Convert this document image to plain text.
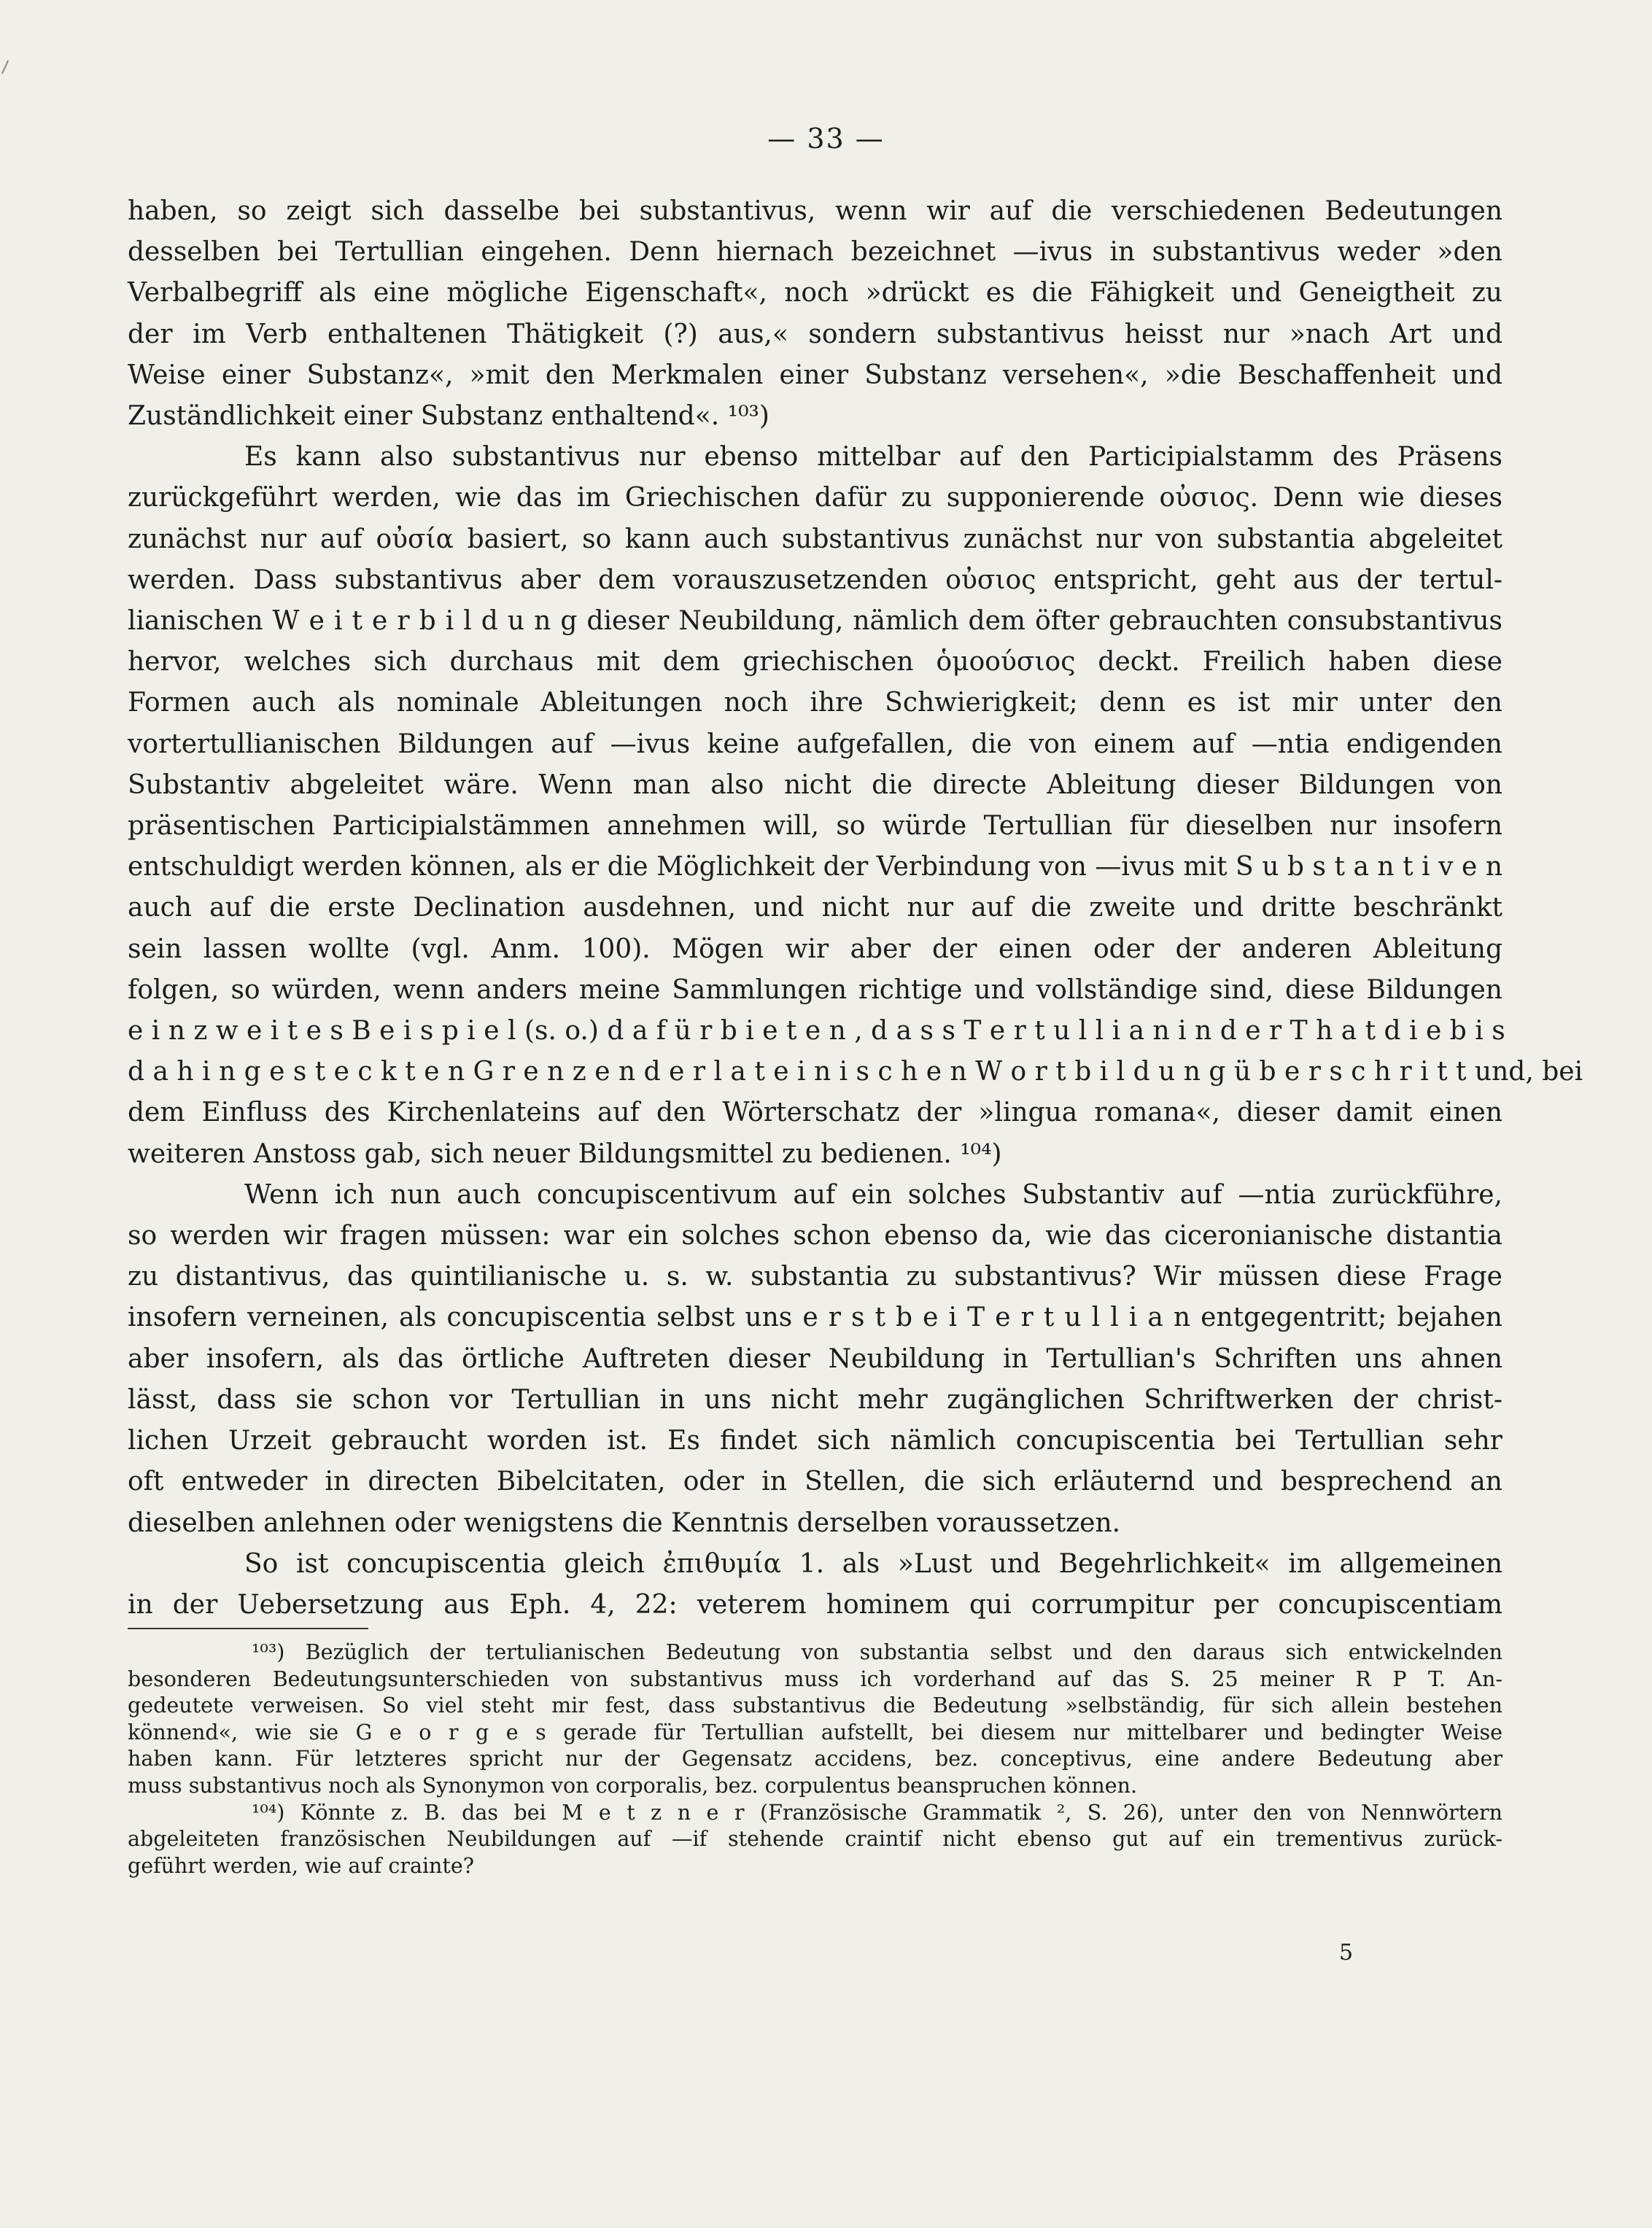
— 33 —
haben, so zeigt sich dasselbe bei substantivus, wenn wir auf die verschiedenen Bedeutungen
desselben bei Tertullian eingehen. Denn hiernach bezeichnet —ivus in substantivus weder »den
Verbalbegriff als eine mögliche Eigenschaft«, noch »drückt es die Fähigkeit und Geneigtheit zu
der im Verb enthaltenen Thätigkeit (?) aus,« sondern substantivus heisst nur »nach Art und
Weise einer Substanz«, »mit den Merkmalen einer Substanz versehen«, »die Beschaffenheit und
Zuständlichkeit einer Substanz enthaltend«. ¹⁰³)
Es kann also substantivus nur ebenso mittelbar auf den Participialstamm des Präsens
zurückgeführt werden, wie das im Griechischen dafür zu supponierende οὐσιος. Denn wie dieses
zunächst nur auf οὐσία basiert, so kann auch substantivus zunächst nur von substantia abgeleitet
werden. Dass substantivus aber dem vorauszusetzenden οὐσιος entspricht, geht aus der tertul-
lianischen W e i t e r b i l d u n g dieser Neubildung, nämlich dem öfter gebrauchten consubstantivus
hervor, welches sich durchaus mit dem griechischen ὁμοούσιος deckt. Freilich haben diese
Formen auch als nominale Ableitungen noch ihre Schwierigkeit; denn es ist mir unter den
vortertullianischen Bildungen auf —ivus keine aufgefallen, die von einem auf —ntia endigenden
Substantiv abgeleitet wäre. Wenn man also nicht die directe Ableitung dieser Bildungen von
präsentischen Participialstämmen annehmen will, so würde Tertullian für dieselben nur insofern
entschuldigt werden können, als er die Möglichkeit der Verbindung von —ivus mit S u b s t a n t i v e n
auch auf die erste Declination ausdehnen, und nicht nur auf die zweite und dritte beschränkt
sein lassen wollte (vgl. Anm. 100). Mögen wir aber der einen oder der anderen Ableitung
folgen, so würden, wenn anders meine Sammlungen richtige und vollständige sind, diese Bildungen
e i n z w e i t e s B e i s p i e l (s. o.) d a f ü r b i e t e n , d a s s T e r t u l l i a n i n d e r T h a t d i e b i s
d a h i n g e s t e c k t e n G r e n z e n d e r l a t e i n i s c h e n W o r t b i l d u n g ü b e r s c h r i t t und, bei
dem Einfluss des Kirchenlateins auf den Wörterschatz der »lingua romana«, dieser damit einen
weiteren Anstoss gab, sich neuer Bildungsmittel zu bedienen. ¹⁰⁴)
Wenn ich nun auch concupiscentivum auf ein solches Substantiv auf —ntia zurückführe,
so werden wir fragen müssen: war ein solches schon ebenso da, wie das ciceronianische distantia
zu distantivus, das quintilianische u. s. w. substantia zu substantivus? Wir müssen diese Frage
insofern verneinen, als concupiscentia selbst uns e r s t b e i T e r t u l l i a n entgegentritt; bejahen
aber insofern, als das örtliche Auftreten dieser Neubildung in Tertullian's Schriften uns ahnen
lässt, dass sie schon vor Tertullian in uns nicht mehr zugänglichen Schriftwerken der christ-
lichen Urzeit gebraucht worden ist. Es findet sich nämlich concupiscentia bei Tertullian sehr
oft entweder in directen Bibelcitaten, oder in Stellen, die sich erläuternd und besprechend an
dieselben anlehnen oder wenigstens die Kenntnis derselben voraussetzen.
So ist concupiscentia gleich ἐπιθυμία 1. als »Lust und Begehrlichkeit« im allgemeinen
in der Uebersetzung aus Eph. 4, 22: veterem hominem qui corrumpitur per concupiscentiam
¹⁰³) Bezüglich der tertulianischen Bedeutung von substantia selbst und den daraus sich entwickelnden
besonderen Bedeutungsunterschieden von substantivus muss ich vorderhand auf das S. 25 meiner R P T. An-
gedeutete verweisen. So viel steht mir fest, dass substantivus die Bedeutung »selbständig, für sich allein bestehen
könnend«, wie sie G e o r g e s gerade für Tertullian aufstellt, bei diesem nur mittelbarer und bedingter Weise
haben kann. Für letzteres spricht nur der Gegensatz accidens, bez. conceptivus, eine andere Bedeutung aber
muss substantivus noch als Synonymon von corporalis, bez. corpulentus beanspruchen können.
¹⁰⁴) Könnte z. B. das bei M e t z n e r (Französische Grammatik ², S. 26), unter den von Nennwörtern
abgeleiteten französischen Neubildungen auf —if stehende craintif nicht ebenso gut auf ein trementivus zurück-
geführt werden, wie auf crainte?
5
